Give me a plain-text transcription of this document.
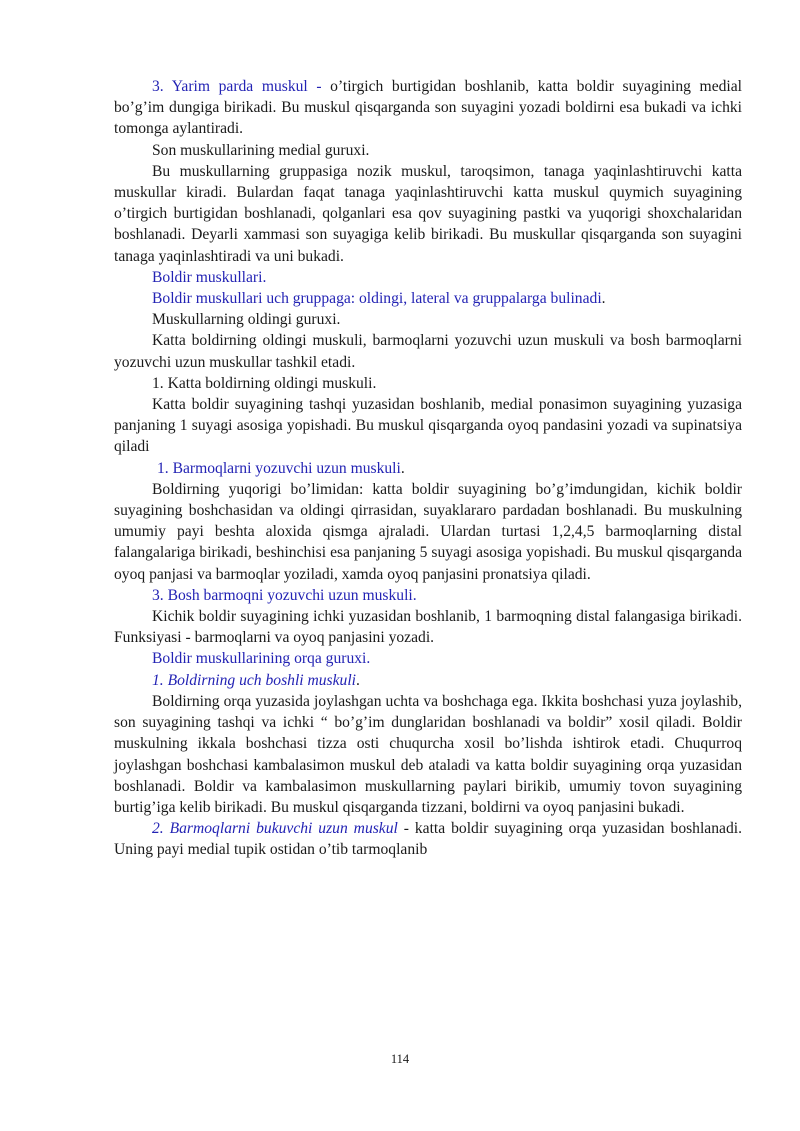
3. Yarim parda muskul - o’tirgich burtigidan boshlanib, katta boldir suyagining medial bo’g’im dungiga birikadi. Bu muskul qisqarganda son suyagini yozadi boldirni esa bukadi va ichki tomonga aylantiradi.

Son muskullarining medial guruxi.

Bu muskullarning gruppasiga nozik muskul, taroqsimon, tanaga yaqinlashtiruvchi katta muskullar kiradi. Bulardan faqat tanaga yaqinlashtiruvchi katta muskul quymich suyagining o’tirgich burtigidan boshlanadi, qolganlari esa qov suyagining pastki va yuqorigi shoxchalaridan boshlanadi. Deyarli xammasi son suyagiga kelib birikadi. Bu muskullar qisqarganda son suyagini tanaga yaqinlashtiradi va uni bukadi.

Boldir muskullari.

Boldir muskullari uch gruppaga: oldingi, lateral va gruppalarga bulinadi.

Muskullarning oldingi guruxi.

Katta boldirning oldingi muskuli, barmoqlarni yozuvchi uzun muskuli va bosh barmoqlarni yozuvchi uzun muskullar tashkil etadi.

1. Katta boldirning oldingi muskuli.

Katta boldir suyagining tashqi yuzasidan boshlanib, medial ponasimon suyagining yuzasiga panjaning 1 suyagi asosiga yopishadi. Bu muskul qisqarganda oyoq pandasini yozadi va supinatsiya qiladi

1. Barmoqlarni yozuvchi uzun muskuli.

Boldirning yuqorigi bo’limidan: katta boldir suyagining bo’g’imdungidan, kichik boldir suyagining boshchasidan va oldingi qirrasidan, suyaklararo pardadan boshlanadi. Bu muskulning umumiy payi beshta aloxida qismga ajraladi. Ulardan turtasi 1,2,4,5 barmoqlarning distal falangalariga birikadi, beshinchisi esa panjaning 5 suyagi asosiga yopishadi. Bu muskul qisqarganda oyoq panjasi va barmoqlar yoziladi, xamda oyoq panjasini pronatsiya qiladi.

3. Bosh barmoqni yozuvchi uzun muskuli.

Kichik boldir suyagining ichki yuzasidan boshlanib, 1 barmoqning distal falangasiga birikadi. Funksiyasi - barmoqlarni va oyoq panjasini yozadi.

Boldir muskullarining orqa guruxi.

1. Boldirning uch boshli muskuli.

Boldirning orqa yuzasida joylashgan uchta va boshchaga ega. Ikkita boshchasi yuza joylashib, son suyagining tashqi va ichki “ bo’g’im dunglaridan boshlanadi va boldir” xosil qiladi. Boldir muskulning ikkala boshchasi tizza osti chuqurcha xosil bo’lishda ishtirok etadi. Chuqurroq joylashgan boshchasi kambalasimon muskul deb ataladi va katta boldir suyagining orqa yuzasidan boshlanadi. Boldir va kambalasimon muskullarning paylari birikib, umumiy tovon suyagining burtig’iga kelib birikadi. Bu muskul qisqarganda tizzani, boldirni va oyoq panjasini bukadi.

2. Barmoqlarni bukuvchi uzun muskul - katta boldir suyagining orqa yuzasidan boshlanadi. Uning payi medial tupik ostidan o’tib tarmoqlanib

114
